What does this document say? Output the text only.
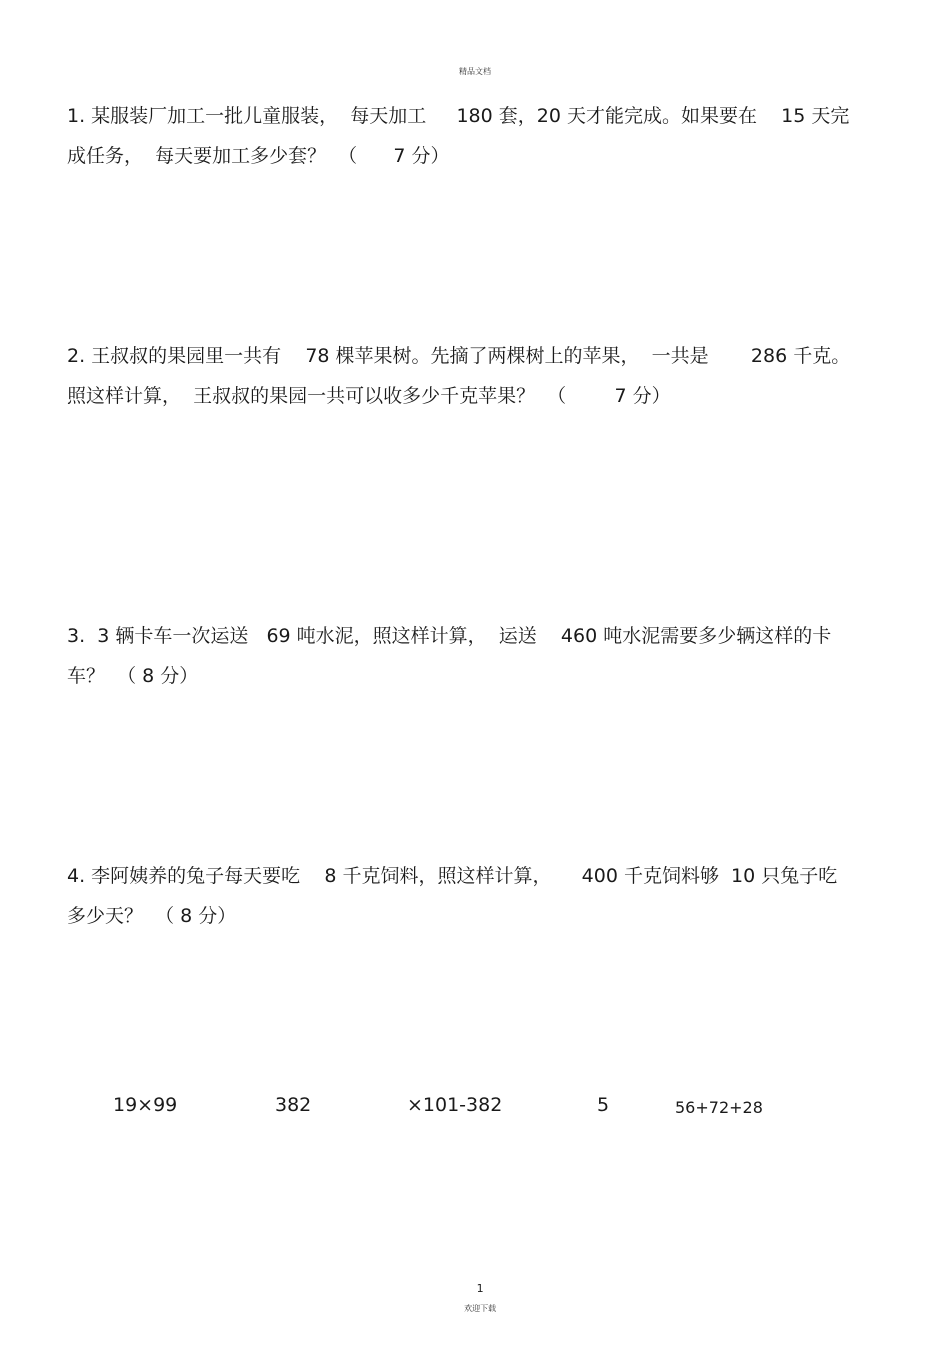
精品文档
1. 某服装厂加工一批儿童服装，  每天加工     180 套，20 天才能完成。如果要在    15 天完
成任务，  每天要加工多少套？  （      7 分）
2. 王叔叔的果园里一共有    78 棵苹果树。先摘了两棵树上的苹果，  一共是       286 千克。
照这样计算，  王叔叔的果园一共可以收多少千克苹果？  （        7 分）
3.  3 辆卡车一次运送   69 吨水泥，照这样计算，  运送    460 吨水泥需要多少辆这样的卡
车？  （ 8 分）
4. 李阿姨养的兔子每天要吃    8 千克饲料，照这样计算，     400 千克饲料够  10 只兔子吃
多少天？  （ 8 分）
19×99	382	×101-382	5	56+72+28

1
欢迎下载
